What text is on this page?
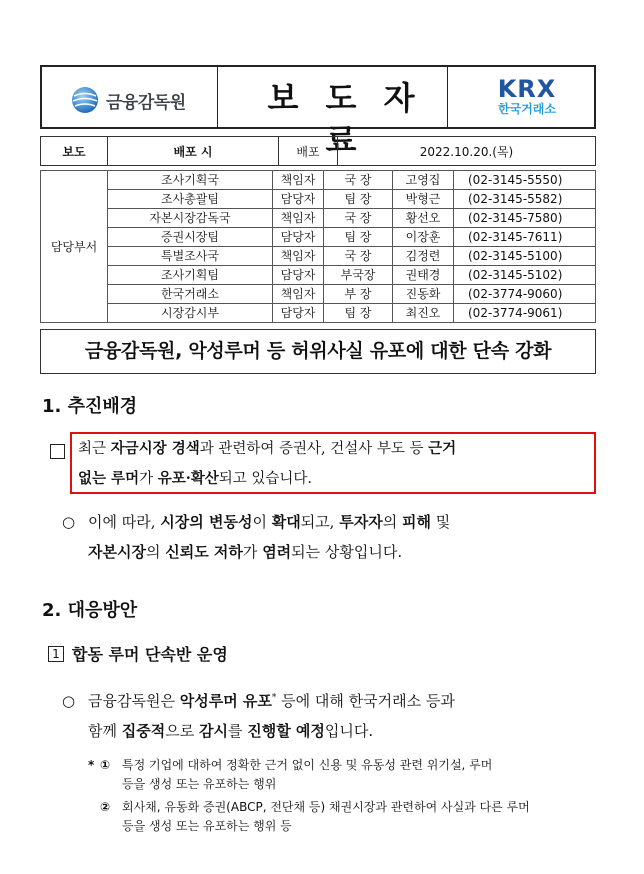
금융감독원	보 도 자 료
KRX
한국거래소
보도	배포 시	배포	2022.10.20.(목)
담당부서	조사기획국	책임자	국 장	고영집	(02-3145-5550)
	조사총괄팀	담당자	팀 장	박형근	(02-3145-5582)
	자본시장감독국	책임자	국 장	황선오	(02-3145-7580)
	증권시장팀	담당자	팀 장	이장훈	(02-3145-7611)
	특별조사국	책임자	국 장	김정련	(02-3145-5100)
	조사기획팀	담당자	부국장	권태경	(02-3145-5102)
	한국거래소	책임자	부 장	진동화	(02-3774-9060)
	시장감시부	담당자	팀 장	최진오	(02-3774-9061)
금융감독원, 악성루머 등 허위사실 유포에 대한 단속 강화
1. 추진배경
최근 자금시장 경색과 관련하여 증권사, 건설사 부도 등 근거
없는 루머가 유포·확산되고 있습니다.
○ 이에 따라, 시장의 변동성이 확대되고, 투자자의 피해 및
자본시장의 신뢰도 저하가 염려되는 상황입니다.
2. 대응방안
1 합동 루머 단속반 운영
○ 금융감독원은 악성루머 유포* 등에 대해 한국거래소 등과
함께 집중적으로 감시를 진행할 예정입니다.
* ① 특정 기업에 대하여 정확한 근거 없이 신용 및 유동성 관련 위기설, 루머
등을 생성 또는 유포하는 행위
② 회사채, 유동화 증권(ABCP, 전단채 등) 채권시장과 관련하여 사실과 다른 루머
등을 생성 또는 유포하는 행위 등
